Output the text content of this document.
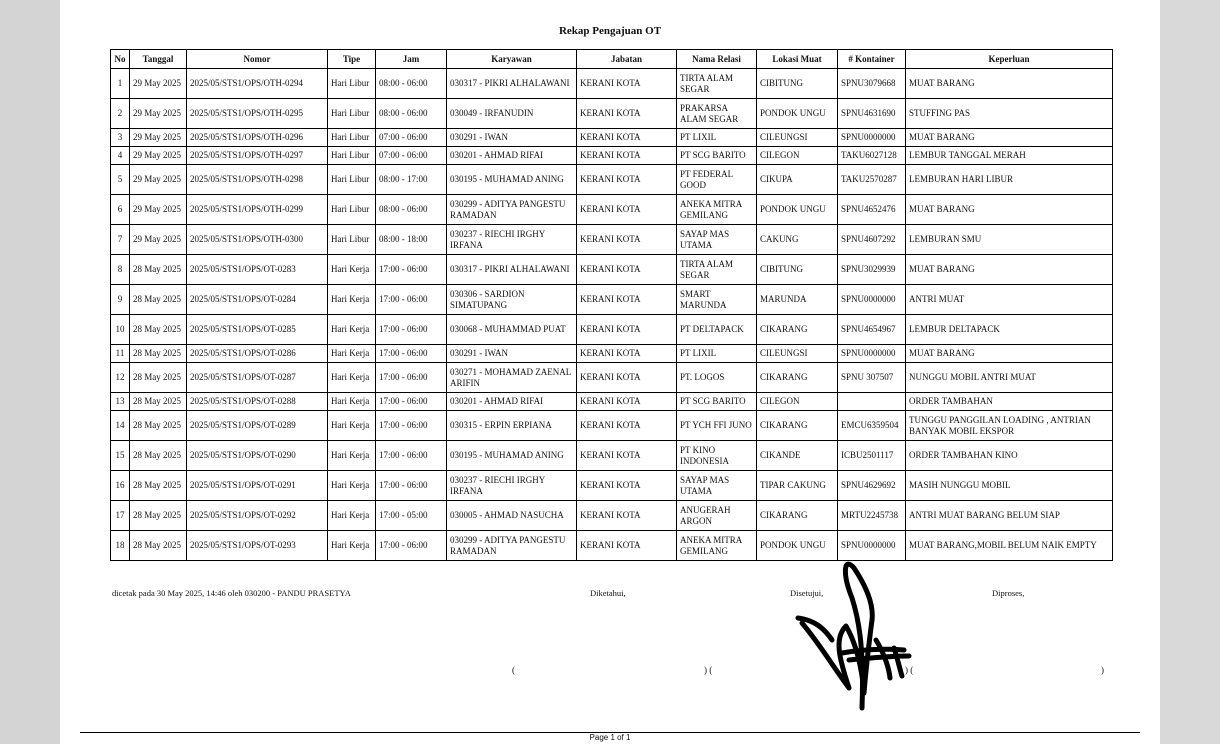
Rekap Pengajuan OT
No	Tanggal	Nomor	Tipe	Jam	Karyawan	Jabatan	Nama Relasi	Lokasi Muat	# Kontainer	Keperluan
1	29 May 2025	2025/05/STS1/OPS/OTH-0294	Hari Libur	08:00 - 06:00	030317 - PIKRI ALHALAWANI	KERANI KOTA	TIRTA ALAM SEGAR	CIBITUNG	SPNU3079668	MUAT BARANG
2	29 May 2025	2025/05/STS1/OPS/OTH-0295	Hari Libur	08:00 - 06:00	030049 - IRFANUDIN	KERANI KOTA	PRAKARSA ALAM SEGAR	PONDOK UNGU	SPNU4631690	STUFFING PAS
3	29 May 2025	2025/05/STS1/OPS/OTH-0296	Hari Libur	07:00 - 06:00	030291 - IWAN	KERANI KOTA	PT LIXIL	CILEUNGSI	SPNU0000000	MUAT BARANG
4	29 May 2025	2025/05/STS1/OPS/OTH-0297	Hari Libur	07:00 - 06:00	030201 - AHMAD RIFAI	KERANI KOTA	PT SCG BARITO	CILEGON	TAKU6027128	LEMBUR TANGGAL MERAH
5	29 May 2025	2025/05/STS1/OPS/OTH-0298	Hari Libur	08:00 - 17:00	030195 - MUHAMAD ANING	KERANI KOTA	PT FEDERAL GOOD	CIKUPA	TAKU2570287	LEMBURAN HARI LIBUR
6	29 May 2025	2025/05/STS1/OPS/OTH-0299	Hari Libur	08:00 - 06:00	030299 - ADITYA PANGESTU RAMADAN	KERANI KOTA	ANEKA MITRA GEMILANG	PONDOK UNGU	SPNU4652476	MUAT BARANG
7	29 May 2025	2025/05/STS1/OPS/OTH-0300	Hari Libur	08:00 - 18:00	030237 - RIECHI IRGHY IRFANA	KERANI KOTA	SAYAP MAS UTAMA	CAKUNG	SPNU4607292	LEMBURAN SMU
8	28 May 2025	2025/05/STS1/OPS/OT-0283	Hari Kerja	17:00 - 06:00	030317 - PIKRI ALHALAWANI	KERANI KOTA	TIRTA ALAM SEGAR	CIBITUNG	SPNU3029939	MUAT BARANG
9	28 May 2025	2025/05/STS1/OPS/OT-0284	Hari Kerja	17:00 - 06:00	030306 - SARDION SIMATUPANG	KERANI KOTA	SMART MARUNDA	MARUNDA	SPNU0000000	ANTRI MUAT
10	28 May 2025	2025/05/STS1/OPS/OT-0285	Hari Kerja	17:00 - 06:00	030068 - MUHAMMAD PUAT	KERANI KOTA	PT DELTAPACK	CIKARANG	SPNU4654967	LEMBUR DELTAPACK
11	28 May 2025	2025/05/STS1/OPS/OT-0286	Hari Kerja	17:00 - 06:00	030291 - IWAN	KERANI KOTA	PT LIXIL	CILEUNGSI	SPNU0000000	MUAT BARANG
12	28 May 2025	2025/05/STS1/OPS/OT-0287	Hari Kerja	17:00 - 06:00	030271 - MOHAMAD ZAENAL ARIFIN	KERANI KOTA	PT. LOGOS	CIKARANG	SPNU 307507	NUNGGU MOBIL ANTRI MUAT
13	28 May 2025	2025/05/STS1/OPS/OT-0288	Hari Kerja	17:00 - 06:00	030201 - AHMAD RIFAI	KERANI KOTA	PT SCG BARITO	CILEGON		ORDER TAMBAHAN
14	28 May 2025	2025/05/STS1/OPS/OT-0289	Hari Kerja	17:00 - 06:00	030315 - ERPIN ERPIANA	KERANI KOTA	PT YCH FFI JUNO	CIKARANG	EMCU6359504	TUNGGU PANGGILAN LOADING , ANTRIAN BANYAK MOBIL EKSPOR
15	28 May 2025	2025/05/STS1/OPS/OT-0290	Hari Kerja	17:00 - 06:00	030195 - MUHAMAD ANING	KERANI KOTA	PT KINO INDONESIA	CIKANDE	ICBU2501117	ORDER TAMBAHAN KINO
16	28 May 2025	2025/05/STS1/OPS/OT-0291	Hari Kerja	17:00 - 06:00	030237 - RIECHI IRGHY IRFANA	KERANI KOTA	SAYAP MAS UTAMA	TIPAR CAKUNG	SPNU4629692	MASIH NUNGGU MOBIL
17	28 May 2025	2025/05/STS1/OPS/OT-0292	Hari Kerja	17:00 - 05:00	030005 - AHMAD NASUCHA	KERANI KOTA	ANUGERAH ARGON	CIKARANG	MRTU2245738	ANTRI MUAT BARANG BELUM SIAP
18	28 May 2025	2025/05/STS1/OPS/OT-0293	Hari Kerja	17:00 - 06:00	030299 - ADITYA PANGESTU RAMADAN	KERANI KOTA	ANEKA MITRA GEMILANG	PONDOK UNGU	SPNU0000000	MUAT BARANG,MOBIL BELUM NAIK EMPTY
dicetak pada 30 May 2025, 14:46 oleh 030200 - PANDU PRASETYA	Diketahui,	Disetujui,	Diproses,
(	) (	) (	)
Page 1 of 1
